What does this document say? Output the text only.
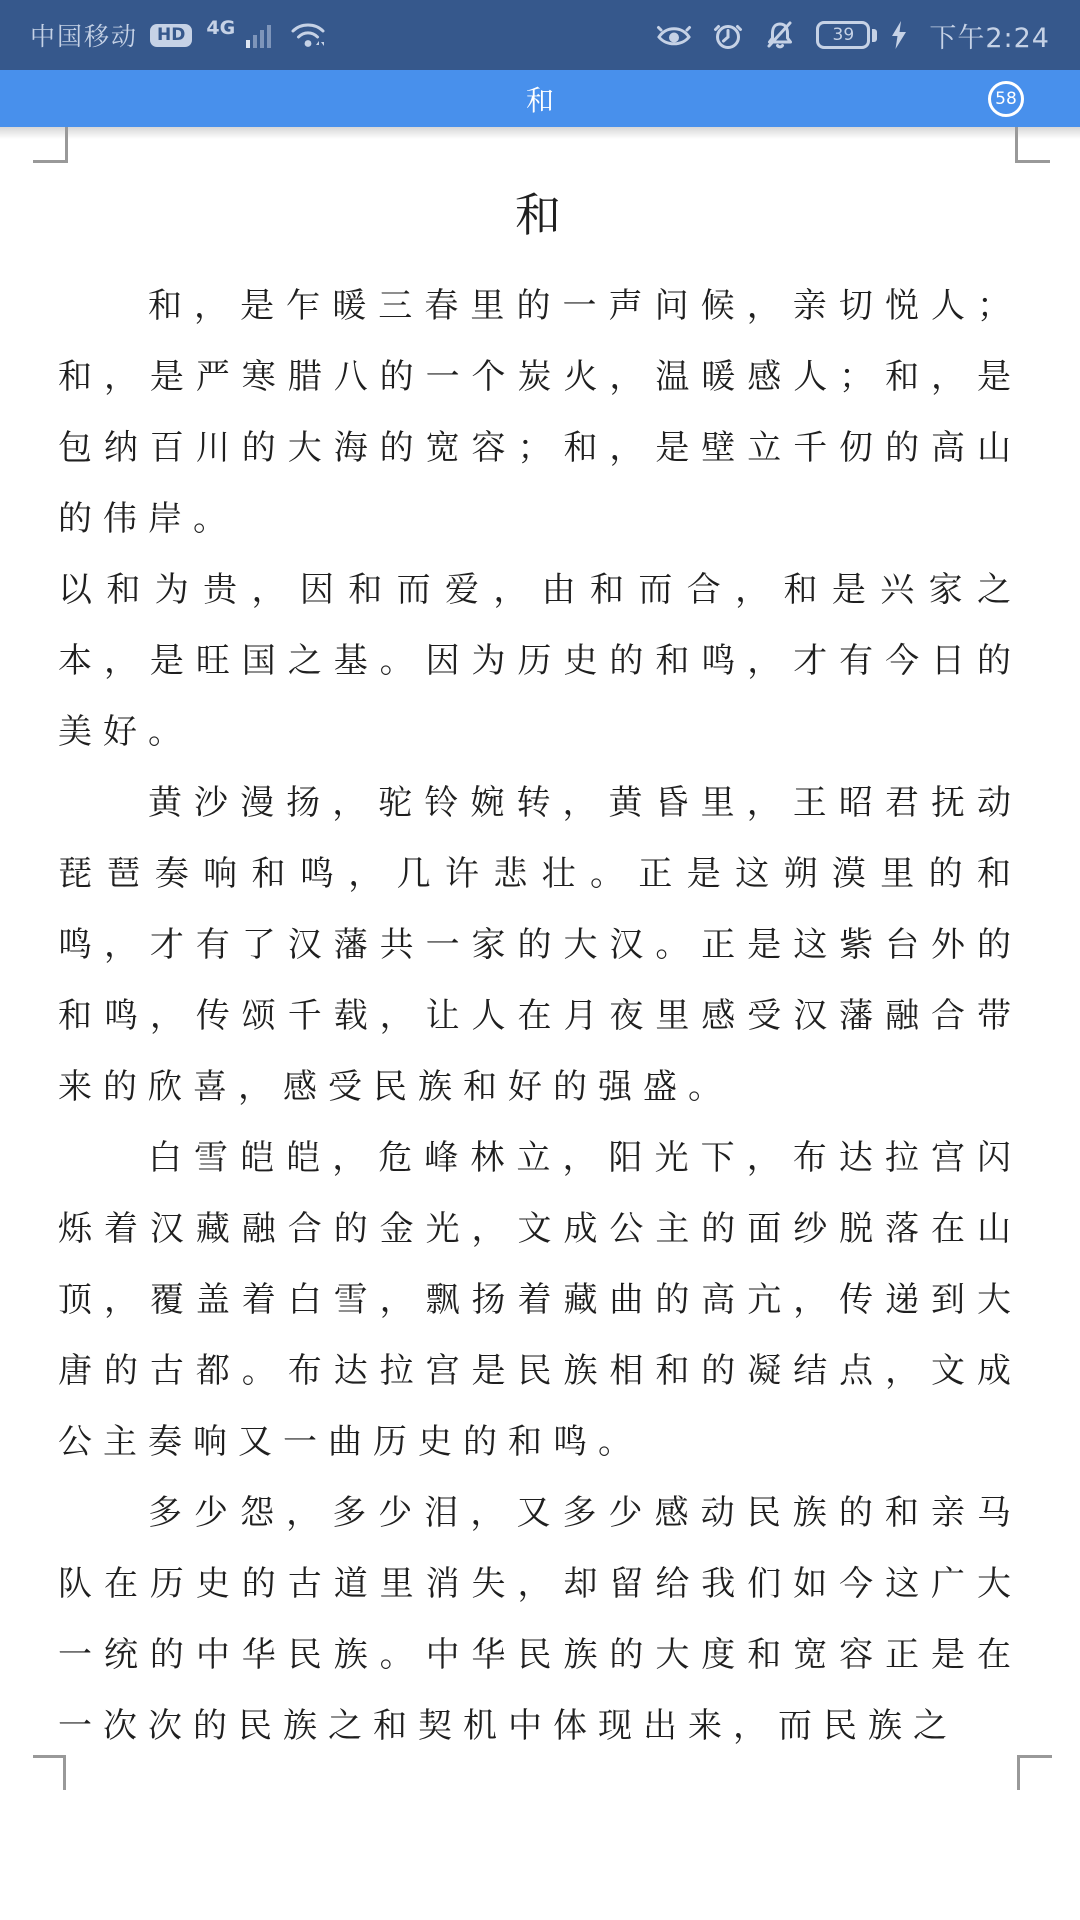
中国移动	HD	4G	39	下午2:24
和	58
和

和，是乍暖三春里的一声问候，亲切悦人；和，是严寒腊八的一个炭火，温暖感人；和，是包纳百川的大海的宽容；和，是壁立千仞的高山的伟岸。

以和为贵，因和而爱，由和而合，和是兴家之本，是旺国之基。因为历史的和鸣，才有今日的美好。

黄沙漫扬，驼铃婉转，黄昏里，王昭君抚动琵琶奏响和鸣，几许悲壮。正是这朔漠里的和鸣，才有了汉藩共一家的大汉。正是这紫台外的和鸣，传颂千载，让人在月夜里感受汉藩融合带来的欣喜，感受民族和好的强盛。

白雪皑皑，危峰林立，阳光下，布达拉宫闪烁着汉藏融合的金光，文成公主的面纱脱落在山顶，覆盖着白雪，飘扬着藏曲的高亢，传递到大唐的古都。布达拉宫是民族相和的凝结点，文成公主奏响又一曲历史的和鸣。

多少怨，多少泪，又多少感动民族的和亲马队在历史的古道里消失，却留给我们如今这广大一统的中华民族。中华民族的大度和宽容正是在一次次的民族之和契机中体现出来，而民族之
